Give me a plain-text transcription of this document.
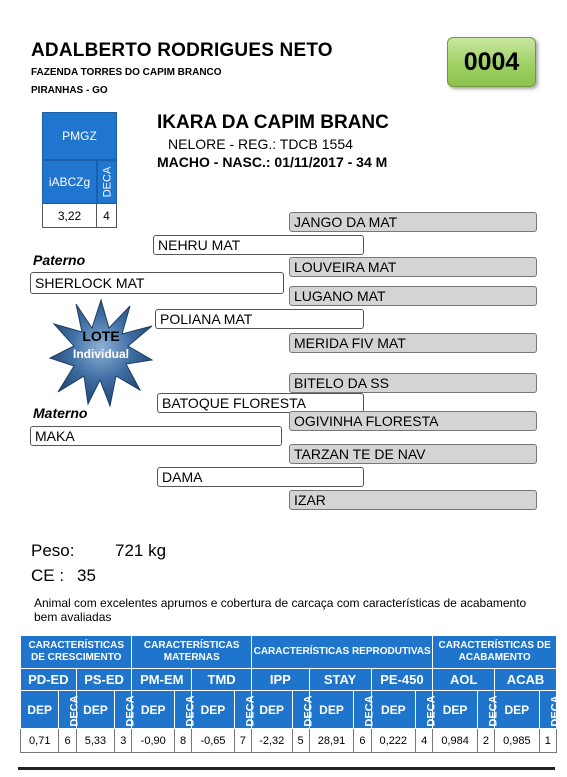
ADALBERTO RODRIGUES NETO
FAZENDA TORRES DO CAPIM BRANCO
PIRANHAS - GO
0004
PMGZ
iABCZg DECA
3,22	4
IKARA DA CAPIM BRANC
NELORE - REG.: TDCB 1554
MACHO - NASC.: 01/11/2017 - 34 M
JANGO DA MAT
NEHRU MAT
Paterno	LOUVEIRA MAT
SHERLOCK MAT
LUGANO MAT
POLIANA MAT
MERIDA FIV MAT
BITELO DA SS
BATOQUE FLORESTA
Materno	OGIVINHA FLORESTA
MAKA
TARZAN TE DE NAV
DAMA
IZAR
LOTE
Individual
Peso: 721 kg
CE : 35
Animal com excelentes aprumos e cobertura de carcaça com características de acabamento bem avaliadas
CARACTERÍSTICAS DE CRESCIMENTO				CARACTERÍSTICAS MATERNAS				CARACTERÍSTICAS REPRODUTIVAS						CARACTERÍSTICAS DE ACABAMENTO			
PD-ED		PS-ED		PM-EM		TMD		IPP		STAY		PE-450		AOL		ACAB	
DEP	DECA	DEP	DECA	DEP	DECA	DEP	DECA	DEP	DECA	DEP	DECA	DEP	DECA	DEP	DECA	DEP	DECA
0,71	6	5,33	3	-0,90	8	-0,65	7	-2,32	5	28,91	6	0,222	4	0,984	2	0,985	1
